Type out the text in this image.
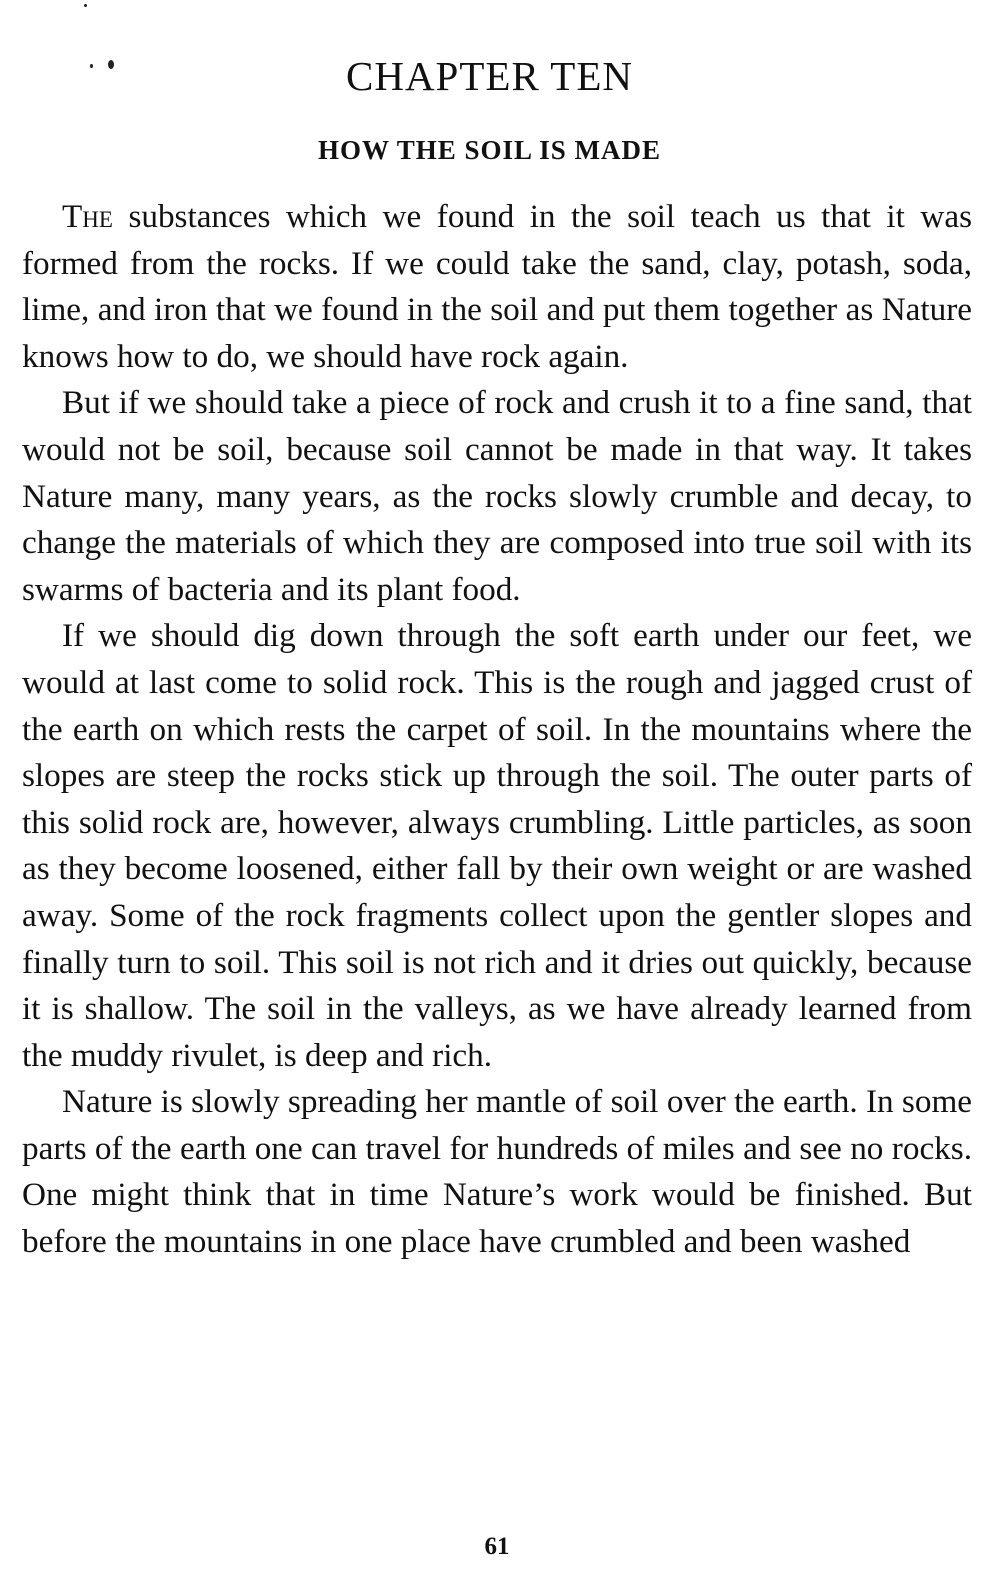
CHAPTER TEN
HOW THE SOIL IS MADE

The substances which we found in the soil teach us that it was formed from the rocks. If we could take the sand, clay, potash, soda, lime, and iron that we found in the soil and put them together as Nature knows how to do, we should have rock again.

But if we should take a piece of rock and crush it to a fine sand, that would not be soil, because soil cannot be made in that way. It takes Nature many, many years, as the rocks slowly crumble and decay, to change the materials of which they are composed into true soil with its swarms of bacteria and its plant food.

If we should dig down through the soft earth under our feet, we would at last come to solid rock. This is the rough and jagged crust of the earth on which rests the carpet of soil. In the mountains where the slopes are steep the rocks stick up through the soil. The outer parts of this solid rock are, however, always crumbling. Little particles, as soon as they become loosened, either fall by their own weight or are washed away. Some of the rock fragments collect upon the gentler slopes and finally turn to soil. This soil is not rich and it dries out quickly, because it is shallow. The soil in the valleys, as we have already learned from the muddy rivulet, is deep and rich.

Nature is slowly spreading her mantle of soil over the earth. In some parts of the earth one can travel for hundreds of miles and see no rocks. One might think that in time Nature’s work would be finished. But before the mountains in one place have crumbled and been washed

61
